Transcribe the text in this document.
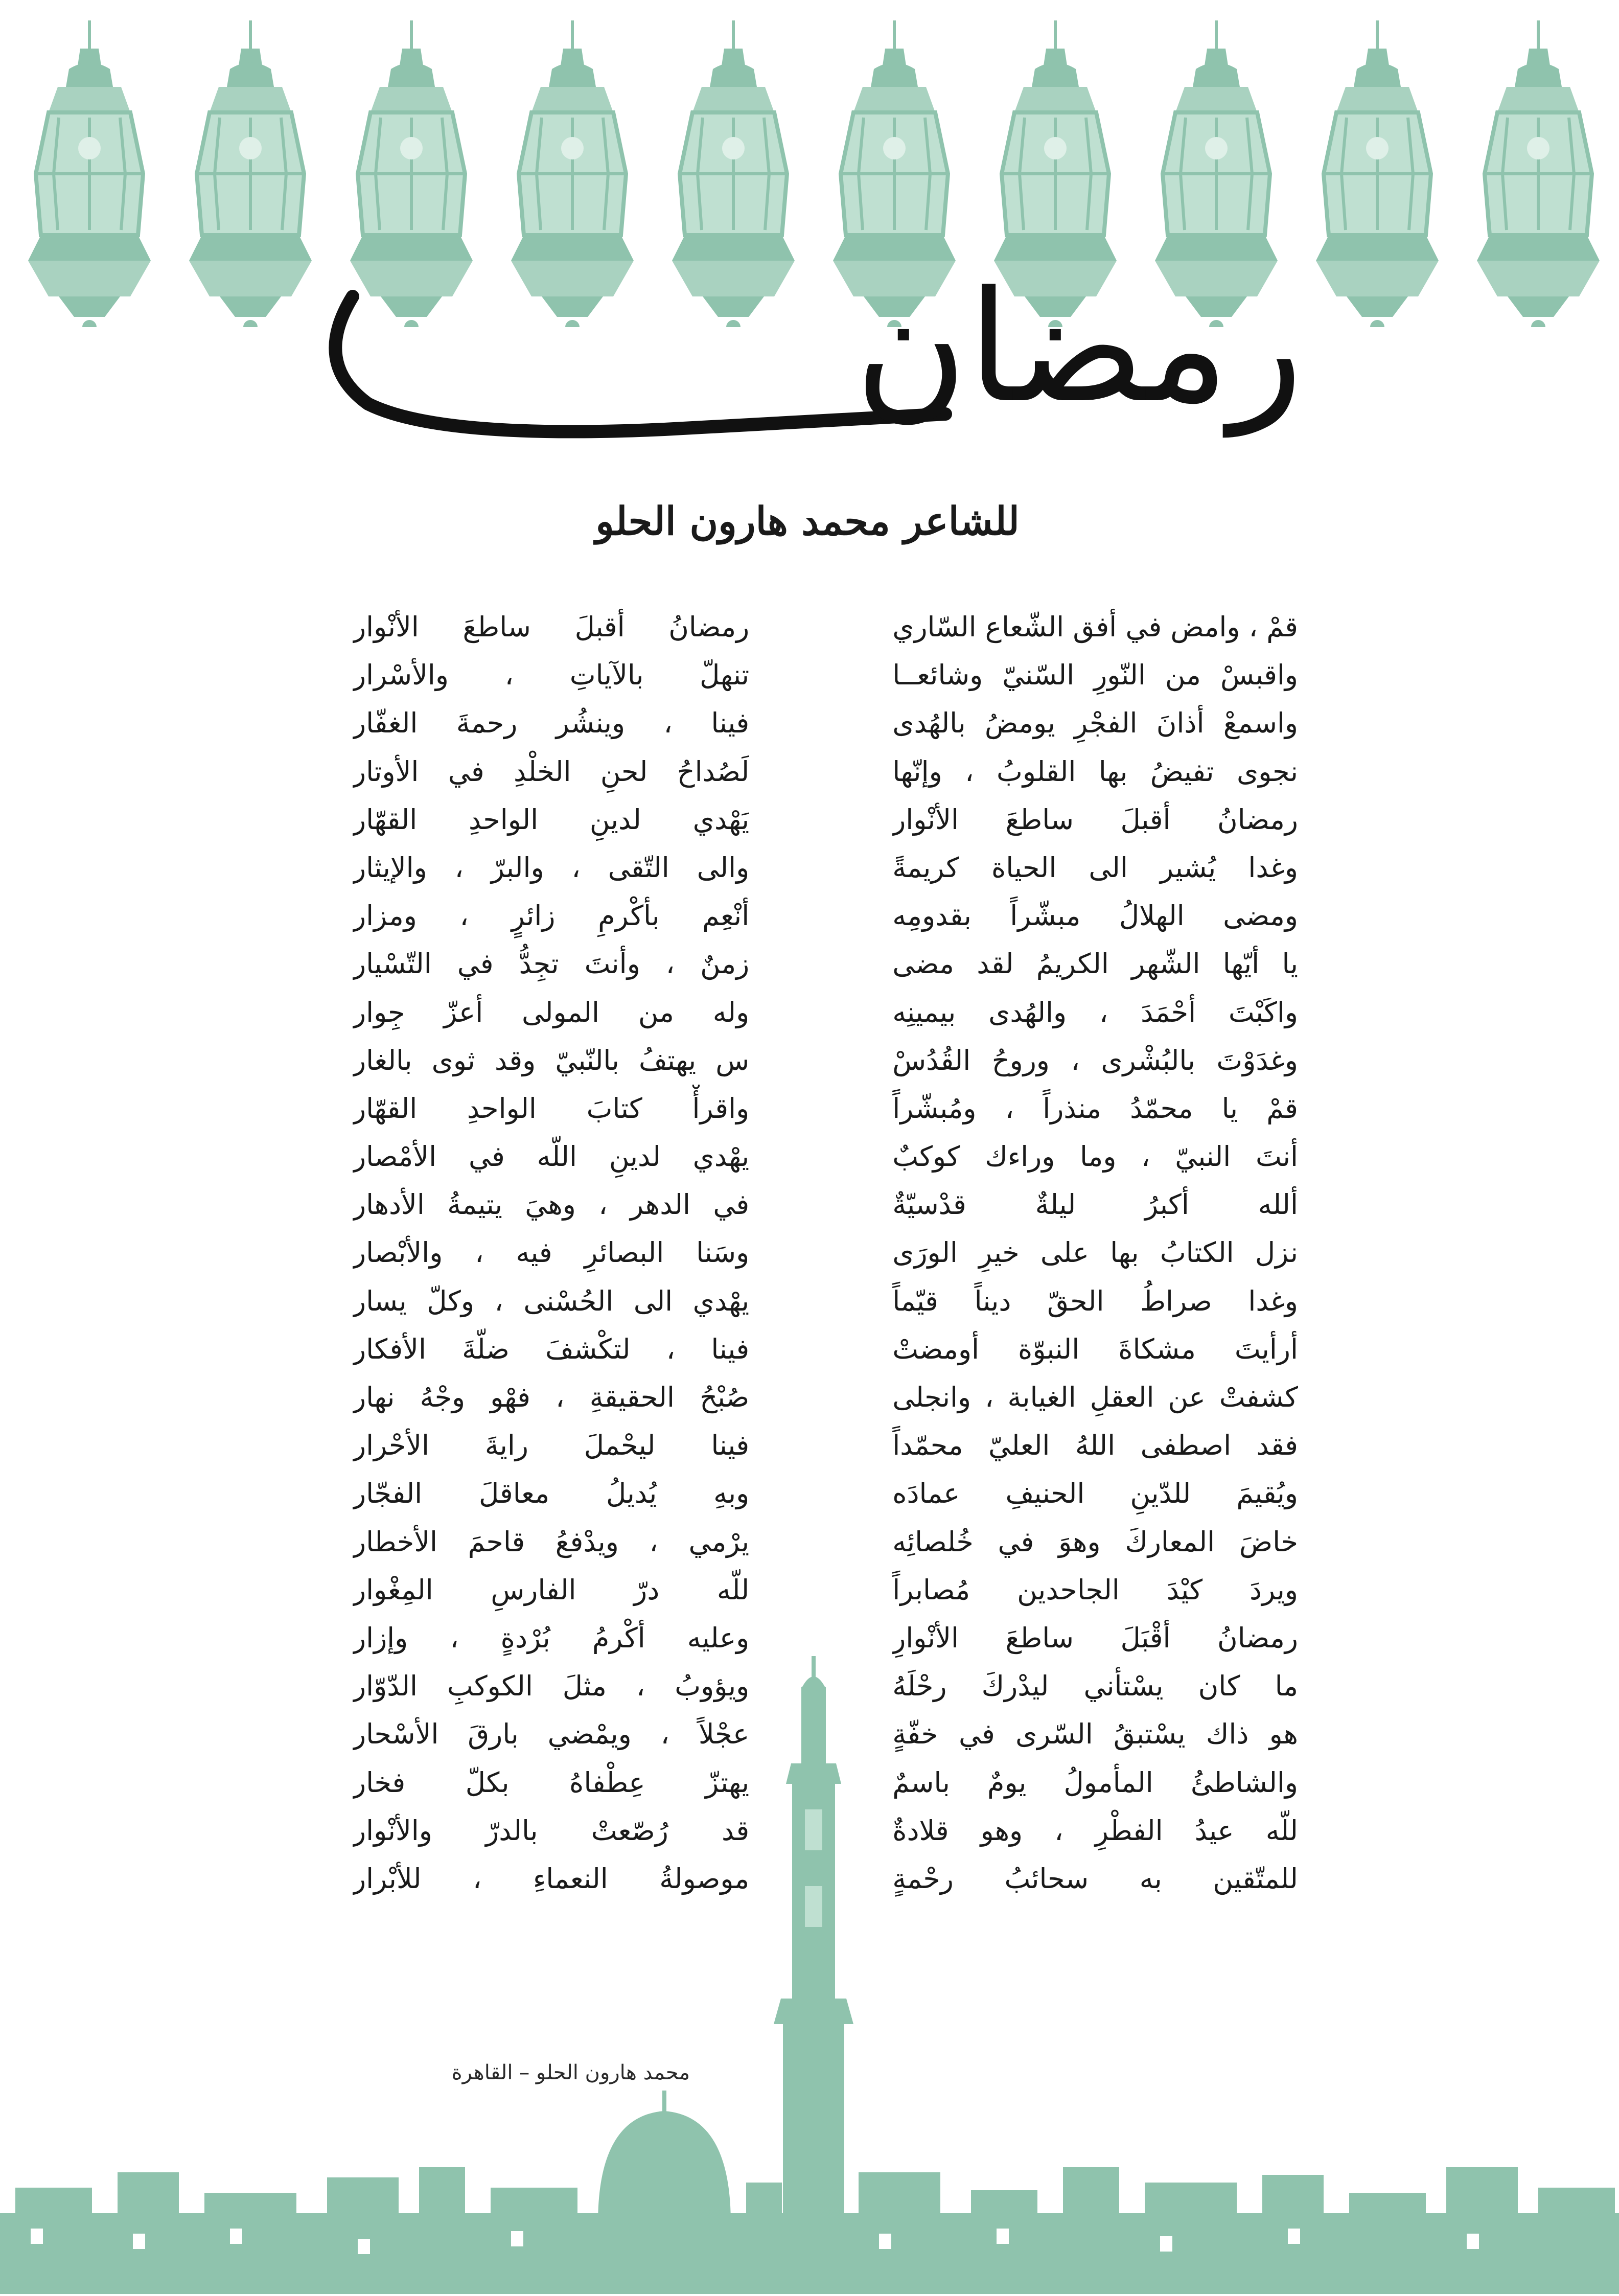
رمضان
للشاعر محمد هارون الحلو
قمْ ، وامض في أفق الشّعاع السّاري
واقبسْ من النّورِ السّنيّ وشائعــا
واسمعْ أذانَ الفجْرِ يومضُ بالهُدى
نجوى تفيضُ بها القلوبُ ، وإنّها
رمضانُ أقبلَ ساطعَ الأنْوار
وغدا يُشير الى الحياة كريمةً
ومضى الهلالُ مبشّراً بقدومِه
يا أيّها الشّهر الكريمُ لقد مضى
واكَبْتَ أحْمَدَ ، والهُدى بيمينِه
وغدَوْتَ بالبُشْرى ، وروحُ القُدُسْ
قمْ يا محمّدُ منذراً ، ومُبشّراً
أنتَ النبيّ ، وما وراءك كوكبٌ
ألله أكبرُ ليلةٌ قدْسيّةٌ
نزل الكتابُ بها على خيرِ الورَى
وغدا صراطُ الحقّ ديناً قيّماً
أرأيتَ مشكاةَ النبوّة أومضتْ
كشفتْ عن العقلِ الغيابة ، وانجلى
فقد اصطفى اللهُ العليّ محمّداً
ويُقيمَ للدّينِ الحنيفِ عمادَه
خاضَ المعاركَ وهوَ في خُلصائِه
ويردَ كيْدَ الجاحدين مُصابراً
رمضانُ أقْبَلَ ساطعَ الأنْوارِ
ما كان يسْتأني ليدْركَ رحْلَهُ
هو ذاك يسْتبقُ السّرى في خفّةٍ
والشاطئُ المأمولُ يومٌ باسمٌ
للّه عيدُ الفطْرِ ، وهو قلادةٌ
للمتّقين به سحائبُ رحْمةٍ
رمضانُ أقبلَ ساطعَ الأنْوار
تنهلّ بالآياتِ ، والأسْرار
فينا ، وينشُر رحمةَ الغفّار
لَصُداحُ لحنِ الخلْدِ في الأوتار
يَهْدي لدينِ الواحدِ القهّار
والى التّقى ، والبرّ ، والإيثار
أنْعِم بأكْرمِ زائرٍ ، ومزار
زمنٌ ، وأنتَ تجِدُّ في التّسْيار
وله من المولى أعزّ جِوار
س يهتفُ بالنّبيّ وقد ثوى بالغار
واقرأْ كتابَ الواحدِ القهّار
يهْدي لدينِ اللّه في الأمْصار
في الدهر ، وهيَ يتيمةُ الأدهار
وسَنا البصائرِ فيه ، والأبْصار
يهْدي الى الحُسْنى ، وكلّ يسار
فينا ، لتكْشفَ ضلّةَ الأفكار
صُبْحُ الحقيقةِ ، فهْو وجْهُ نهار
فينا ليحْملَ رايةَ الأحْرار
وبهِ يُديلُ معاقلَ الفجّار
يرْمي ، ويدْفعُ قاحمَ الأخطار
للّه درّ الفارسِ المِغْوار
وعليه أكْرمُ بُرْدةٍ ، وإزار
ويؤوبُ ، مثلَ الكوكبِ الدّوّار
عجْلاً ، ويمْضي بارقَ الأسْحار
يهتزّ عِطْفاهُ بكلّ فخار
قد رُصّعتْ بالدرّ والأنْوار
موصولةُ النعماءِ ، للأبْرار
محمد هارون الحلو – القاهرة
